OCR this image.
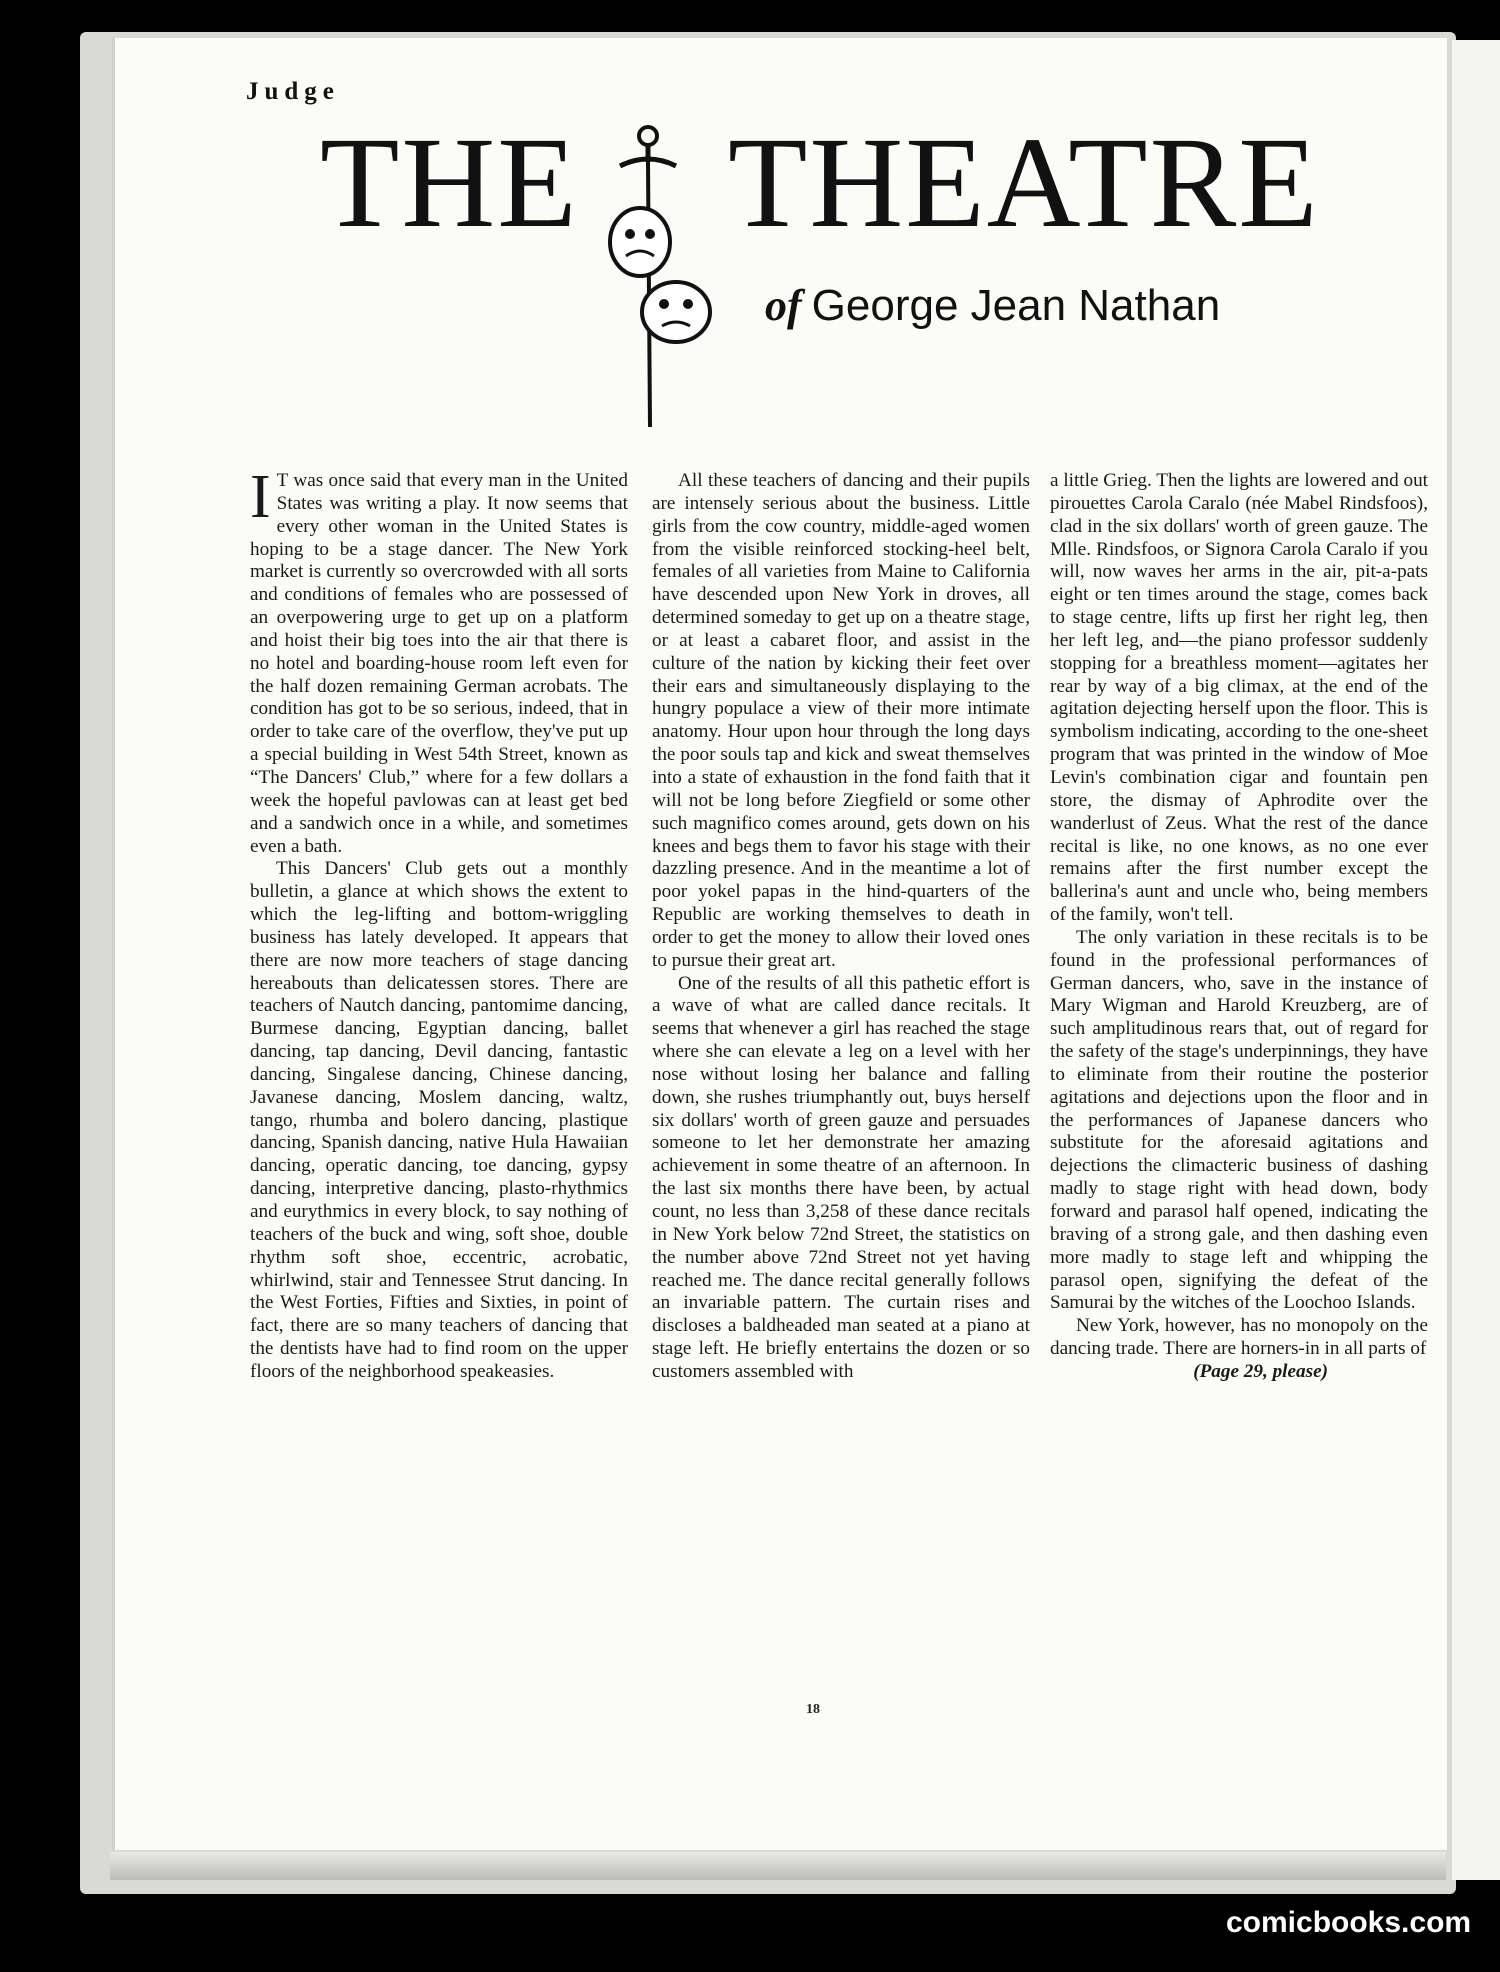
Judge
THE THEATRE
of George Jean Nathan

I T was once said that every man in the United States was writing a play. It now seems that every other woman in the United States is hoping to be a stage dancer. The New York market is currently so overcrowded with all sorts and conditions of females who are possessed of an overpowering urge to get up on a platform and hoist their big toes into the air that there is no hotel and boarding-house room left even for the half dozen remaining German acrobats. The condition has got to be so serious, indeed, that in order to take care of the overflow, they've put up a special building in West 54th Street, known as “The Dancers' Club,” where for a few dollars a week the hopeful pavlowas can at least get bed and a sandwich once in a while, and sometimes even a bath.

This Dancers' Club gets out a monthly bulletin, a glance at which shows the extent to which the leg-lifting and bottom-wriggling business has lately developed. It appears that there are now more teachers of stage dancing hereabouts than delicatessen stores. There are teachers of Nautch dancing, pantomime dancing, Burmese dancing, Egyptian dancing, ballet dancing, tap dancing, Devil dancing, fantastic dancing, Singalese dancing, Chinese dancing, Javanese dancing, Moslem dancing, waltz, tango, rhumba and bolero dancing, plastique dancing, Spanish dancing, native Hula Hawaiian dancing, operatic dancing, toe dancing, gypsy dancing, interpretive dancing, plasto-rhythmics and eurythmics in every block, to say nothing of teachers of the buck and wing, soft shoe, double rhythm soft shoe, eccentric, acrobatic, whirlwind, stair and Tennessee Strut dancing. In the West Forties, Fifties and Sixties, in point of fact, there are so many teachers of dancing that the dentists have had to find room on the upper floors of the neighborhood speakeasies.

All these teachers of dancing and their pupils are intensely serious about the business. Little girls from the cow country, middle-aged women from the visible reinforced stocking-heel belt, females of all varieties from Maine to California have descended upon New York in droves, all determined someday to get up on a theatre stage, or at least a cabaret floor, and assist in the culture of the nation by kicking their feet over their ears and simultaneously displaying to the hungry populace a view of their more intimate anatomy. Hour upon hour through the long days the poor souls tap and kick and sweat themselves into a state of exhaustion in the fond faith that it will not be long before Ziegfield or some other such magnifico comes around, gets down on his knees and begs them to favor his stage with their dazzling presence. And in the meantime a lot of poor yokel papas in the hind-quarters of the Republic are working themselves to death in order to get the money to allow their loved ones to pursue their great art.

One of the results of all this pathetic effort is a wave of what are called dance recitals. It seems that whenever a girl has reached the stage where she can elevate a leg on a level with her nose without losing her balance and falling down, she rushes triumphantly out, buys herself six dollars' worth of green gauze and persuades someone to let her demonstrate her amazing achievement in some theatre of an afternoon. In the last six months there have been, by actual count, no less than 3,258 of these dance recitals in New York below 72nd Street, the statistics on the number above 72nd Street not yet having reached me. The dance recital generally follows an invariable pattern. The curtain rises and discloses a baldheaded man seated at a piano at stage left. He briefly entertains the dozen or so customers assembled with

a little Grieg. Then the lights are lowered and out pirouettes Carola Caralo (née Mabel Rindsfoos), clad in the six dollars' worth of green gauze. The Mlle. Rindsfoos, or Signora Carola Caralo if you will, now waves her arms in the air, pit-a-pats eight or ten times around the stage, comes back to stage centre, lifts up first her right leg, then her left leg, and—the piano professor suddenly stopping for a breathless moment—agitates her rear by way of a big climax, at the end of the agitation dejecting herself upon the floor. This is symbolism indicating, according to the one-sheet program that was printed in the window of Moe Levin's combination cigar and fountain pen store, the dismay of Aphrodite over the wanderlust of Zeus. What the rest of the dance recital is like, no one knows, as no one ever remains after the first number except the ballerina's aunt and uncle who, being members of the family, won't tell.

The only variation in these recitals is to be found in the professional performances of German dancers, who, save in the instance of Mary Wigman and Harold Kreuzberg, are of such amplitudinous rears that, out of regard for the safety of the stage's underpinnings, they have to eliminate from their routine the posterior agitations and dejections upon the floor and in the performances of Japanese dancers who substitute for the aforesaid agitations and dejections the climacteric business of dashing madly to stage right with head down, body forward and parasol half opened, indicating the braving of a strong gale, and then dashing even more madly to stage left and whipping the parasol open, signifying the defeat of the Samurai by the witches of the Loochoo Islands.

New York, however, has no monopoly on the dancing trade. There are horners-in in all parts of

(Page 29, please)
18
comicbooks.com
